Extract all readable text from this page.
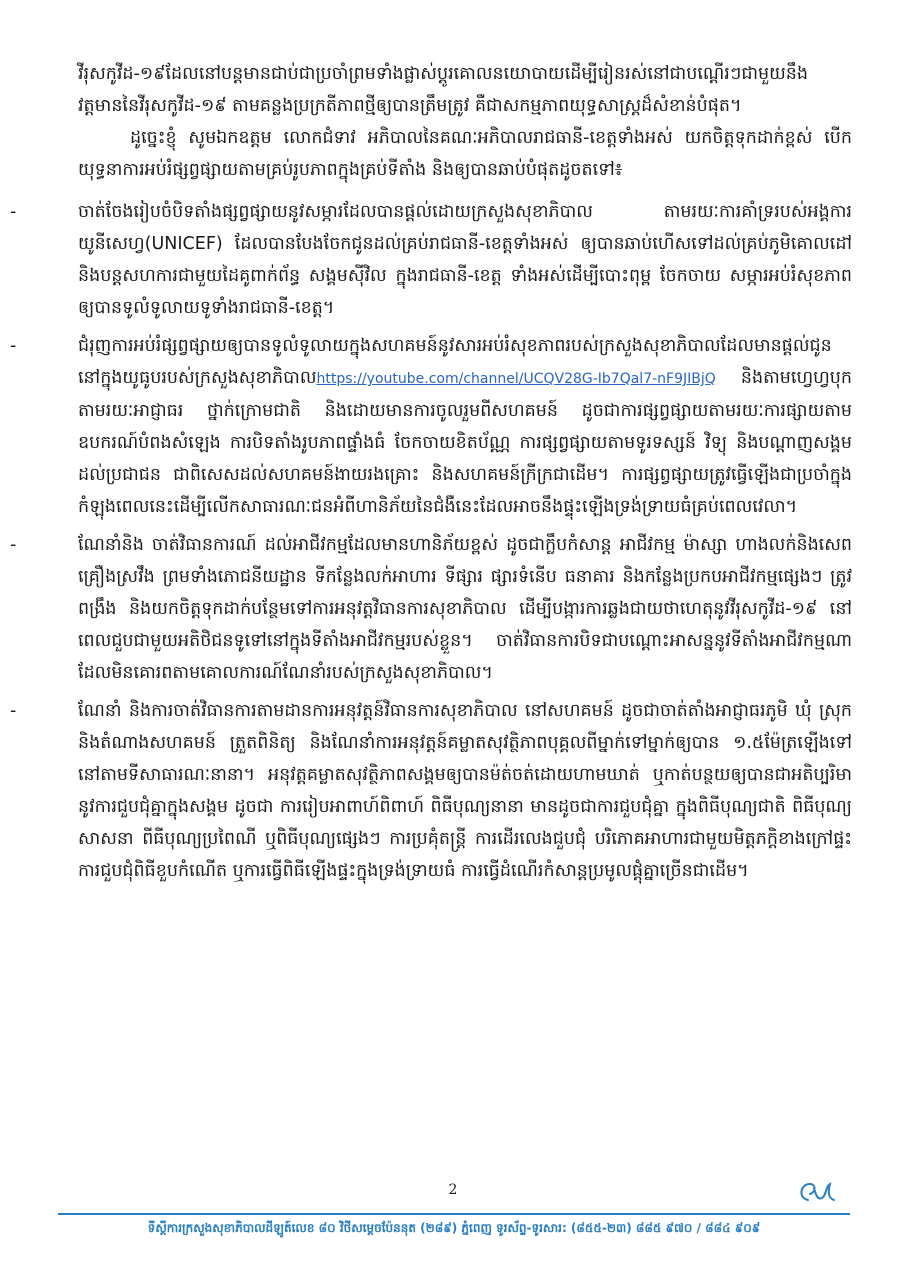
វីរុសកូវីដ-១៩ដែលនៅបន្តមានជាប់ជាប្រចាំព្រមទាំងផ្លាស់ប្តូរគោលនយោបាយដើម្បីរៀនរស់នៅជាបណ្តើរៗជាមួយនឹង

វត្តមាននៃវីរុសកូវីដ-១៩ តាមគន្លងប្រក្រតីភាពថ្មីឲ្យបានត្រឹមត្រូវ គឺជាសកម្មភាពយុទ្ធសាស្ត្រដ៏សំខាន់បំផុត។

ដូច្នេះខ្ញុំ សូមឯកឧត្តម លោកជំទាវ អភិបាលនៃគណៈអភិបាលរាជធានី-ខេត្តទាំងអស់ យកចិត្តទុកដាក់ខ្ពស់ បើកយុទ្ធនាការអប់រំផ្សព្វផ្សាយតាមគ្រប់រូបភាពក្នុងគ្រប់ទីតាំង និងឲ្យបានឆាប់បំផុតដូចតទៅ៖

-	ចាត់ចែងរៀបចំបិទតាំងផ្សព្វផ្សាយនូវសម្ភារដែលបានផ្តល់ដោយក្រសួងសុខាភិបាល តាមរយៈការគាំទ្ររបស់អង្គការយូនីសេហ្វ(UNICEF) ដែលបានបែងចែកជូនដល់គ្រប់រាជធានី-ខេត្តទាំងអស់ ឲ្យបានឆាប់ហើសទៅដល់គ្រប់ភូមិគោលដៅ និងបន្តសហការជាមួយដៃគូពាក់ព័ន្ធ សង្គមស៊ីវិល ក្នុងរាជធានី-ខេត្ត ទាំងអស់ដើម្បីបោះពុម្ព ចែកចាយ សម្ភារអប់រំសុខភាពឲ្យបានទូលំទូលាយទូទាំងរាជធានី-ខេត្ត។

-	ជំរុញការអប់រំផ្សព្វផ្សាយឲ្យបានទូលំទូលាយក្នុងសហគមន៍នូវសារអប់រំសុខភាពរបស់ក្រសួងសុខាភិបាលដែលមានផ្តល់ជូននៅក្នុងយូធូបរបស់ក្រសួងសុខាភិបាលhttps://youtube.com/channel/UCQV28G-Ib7Qal7-nF9JIBjQ និងតាមហ្វេហ្វបុក តាមរយៈអាជ្ញាធរ ថ្នាក់ក្រោមជាតិ និងដោយមានការចូលរួមពីសហគមន៍ ដូចជាការផ្សព្វផ្សាយតាមរយៈការផ្សាយតាមឧបករណ៍បំពងសំឡេង ការបិទតាំងរូបភាពផ្ទាំងធំ ចែកចាយខិតប័ណ្ណ ការផ្សព្វផ្សាយតាមទូរទស្សន៍ វិទ្យុ និងបណ្តាញសង្គមដល់ប្រជាជន ជាពិសេសដល់សហគមន៍ងាយរងគ្រោះ និងសហគមន៍ក្រីក្រជាដើម។ ការផ្សព្វផ្សាយត្រូវធ្វើឡើងជាប្រចាំក្នុងកំឡុងពេលនេះដើម្បីលើកសាធារណៈជនអំពីហានិភ័យនៃជំងឺនេះដែលអាចនឹងផ្ទុះឡើងទ្រង់ទ្រាយធំគ្រប់ពេលវេលា។

-	ណែនាំនិង ចាត់វិធានការណ៍ ដល់អាជីវកម្មដែលមានហានិភ័យខ្ពស់ ដូចជាក្លឹបកំសាន្ត អាជីវកម្ម ម៉ាស្សា ហាងលក់និងសេពគ្រឿងស្រវឹង ព្រមទាំងភោជនីយដ្ឋាន ទីកន្លែងលក់អាហារ ទីផ្សារ ផ្សារទំនើប ធនាគារ និងកន្លែងប្រកបអាជីវកម្មផ្សេងៗ ត្រូវពង្រឹង និងយកចិត្តទុកដាក់បន្ថែមទៅការអនុវត្តវិធានការសុខាភិបាល ដើម្បីបង្ការការឆ្លងជាយថាហេតុនូវវីរុសកូវីដ-១៩ នៅពេលជួបជាមួយអតិថិជនទូទៅនៅក្នុងទីតាំងអាជីវកម្មរបស់ខ្លួន។ ចាត់វិធានការបិទជាបណ្តោះអាសន្ននូវទីតាំងអាជីវកម្មណាដែលមិនគោរពតាមគោលការណ៍ណែនាំរបស់ក្រសួងសុខាភិបាល។

-	ណែនាំ និងការចាត់វិធានការតាមដានការអនុវត្តន៍វិធានការសុខាភិបាល នៅសហគមន៍ ដូចជាចាត់តាំងអាជ្ញាធរភូមិ ឃុំ ស្រុក និងតំណាងសហគមន៍ ត្រួតពិនិត្យ និងណែនាំការអនុវត្តន៍គម្លាតសុវត្ថិភាពបុគ្គលពីម្នាក់ទៅម្នាក់ឲ្យបាន ១.៥ម៉ែត្រឡើងទៅ នៅតាមទីសាធារណៈនានា។ អនុវត្តគម្លាតសុវត្ថិភាពសង្គមឲ្យបានម៉ត់ចត់ដោយហាមឃាត់ ឬកាត់បន្ថយឲ្យបានជាអតិប្បរិមា នូវការជួបជុំគ្នាក្នុងសង្គម ដូចជា ការរៀបអាពាហ៍ពិពាហ៍ ពិធីបុណ្យនានា មានដូចជាការជួបជុំគ្នា ក្នុងពិធីបុណ្យជាតិ ពិធីបុណ្យសាសនា ពីធីបុណ្យប្រពៃណី ឬពិធីបុណ្យផ្សេងៗ ការប្រគុំតន្ត្រី ការដើរលេងជួបជុំ បរិភោគអាហារជាមួយមិត្តភក្តិខាងក្រៅផ្ទះ ការជួបជុំពិធីខួបកំណើត ឬការធ្វើពិធីឡើងផ្ទះក្នុងទ្រង់ទ្រាយធំ ការធ្វើដំណើរកំសាន្តប្រមូលផ្តុំគ្នាច្រើនជាដើម។

2
ទីស្តីការក្រសួងសុខាភិបាលដីឡូត៍លេខ ៨០ វិថីសម្តេចប៉ែននុត (២៨៩) ភ្នំពេញ ទូរស័ព្ទ-ទូរសារ: (៨៥៥-២៣) ៨៨៥ ៩៧០ / ៨៨៤ ៩០៩
